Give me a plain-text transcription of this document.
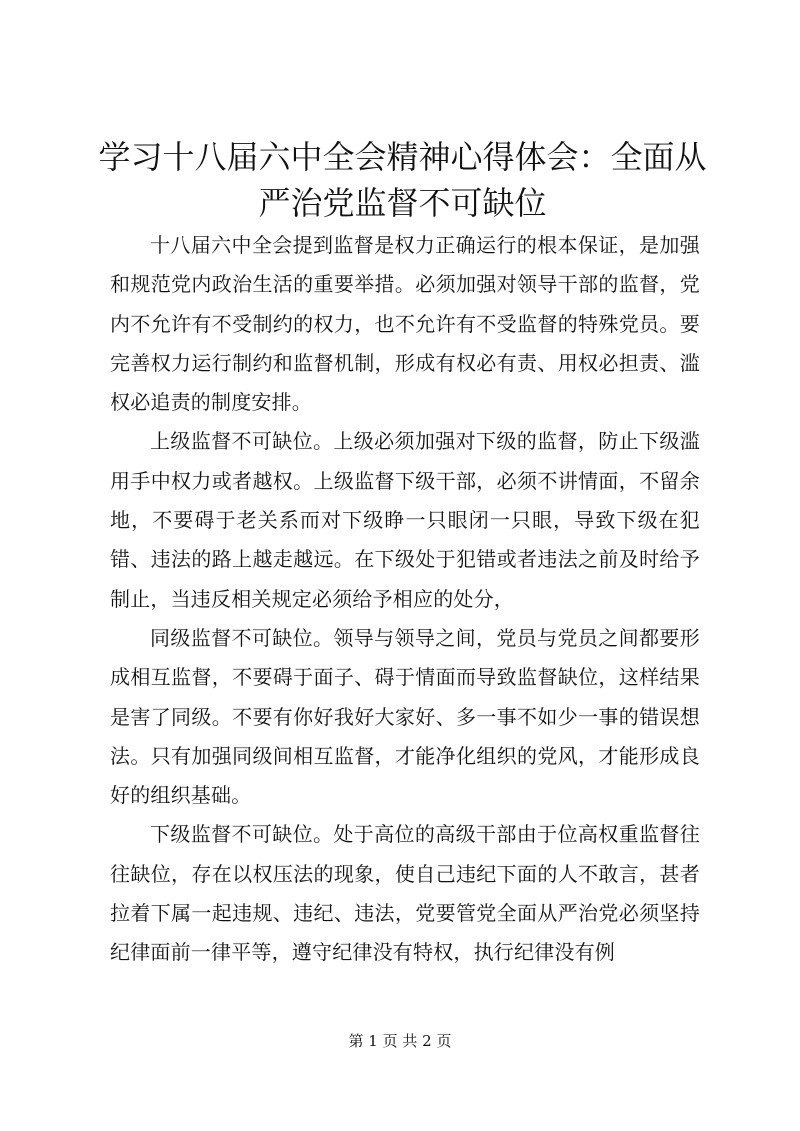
学习十八届六中全会精神心得体会：全面从严治党监督不可缺位

十八届六中全会提到监督是权力正确运行的根本保证，是加强和规范党内政治生活的重要举措。必须加强对领导干部的监督，党内不允许有不受制约的权力，也不允许有不受监督的特殊党员。要完善权力运行制约和监督机制，形成有权必有责、用权必担责、滥权必追责的制度安排。

上级监督不可缺位。上级必须加强对下级的监督，防止下级滥用手中权力或者越权。上级监督下级干部，必须不讲情面，不留余地，不要碍于老关系而对下级睁一只眼闭一只眼，导致下级在犯错、违法的路上越走越远。在下级处于犯错或者违法之前及时给予制止，当违反相关规定必须给予相应的处分，

同级监督不可缺位。领导与领导之间，党员与党员之间都要形成相互监督，不要碍于面子、碍于情面而导致监督缺位，这样结果是害了同级。不要有你好我好大家好、多一事不如少一事的错误想法。只有加强同级间相互监督，才能净化组织的党风，才能形成良好的组织基础。

下级监督不可缺位。处于高位的高级干部由于位高权重监督往往缺位，存在以权压法的现象，使自己违纪下面的人不敢言，甚者拉着下属一起违规、违纪、违法，党要管党全面从严治党必须坚持纪律面前一律平等，遵守纪律没有特权，执行纪律没有例

第 1 页 共 2 页
